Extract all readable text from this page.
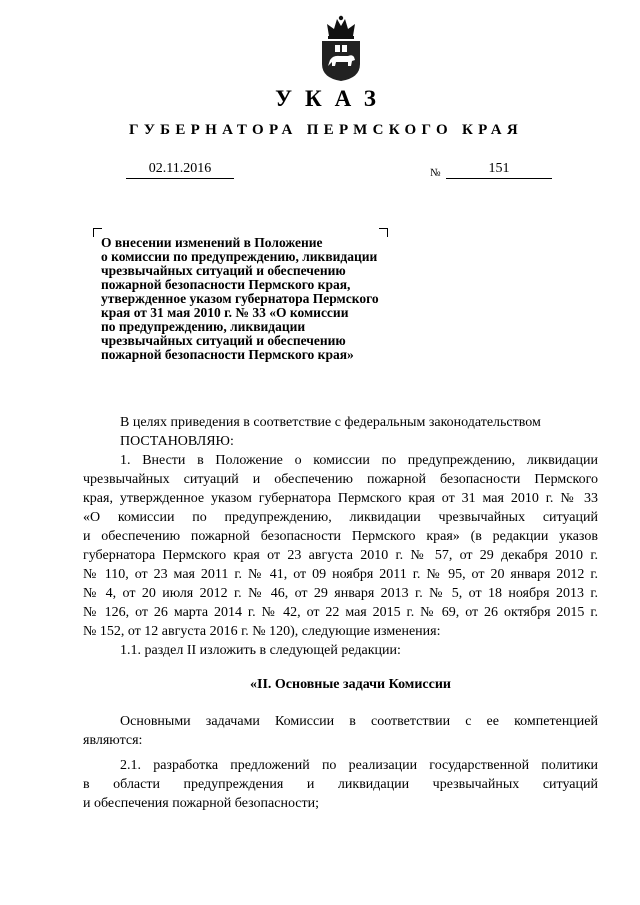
УКАЗ
ГУБЕРНАТОРА ПЕРМСКОГО КРАЯ
02.11.2016	№	151
О внесении изменений в Положение
о комиссии по предупреждению, ликвидации
чрезвычайных ситуаций и обеспечению
пожарной безопасности Пермского края,
утвержденное указом губернатора Пермского
края от 31 мая 2010 г. № 33 «О комиссии
по предупреждению, ликвидации
чрезвычайных ситуаций и обеспечению
пожарной безопасности Пермского края»
В целях приведения в соответствие с федеральным законодательством
ПОСТАНОВЛЯЮ:
1. Внести в Положение о комиссии по предупреждению, ликвидации
чрезвычайных ситуаций и обеспечению пожарной безопасности Пермского
края, утвержденное указом губернатора Пермского края от 31 мая 2010 г. № 33
«О комиссии по предупреждению, ликвидации чрезвычайных ситуаций
и обеспечению пожарной безопасности Пермского края» (в редакции указов
губернатора Пермского края от 23 августа 2010 г. № 57, от 29 декабря 2010 г.
№ 110, от 23 мая 2011 г. № 41, от 09 ноября 2011 г. № 95, от 20 января 2012 г.
№ 4, от 20 июля 2012 г. № 46, от 29 января 2013 г. № 5, от 18 ноября 2013 г.
№ 126, от 26 марта 2014 г. № 42, от 22 мая 2015 г. № 69, от 26 октября 2015 г.
№ 152, от 12 августа 2016 г. № 120), следующие изменения:
1.1. раздел II изложить в следующей редакции:
«II. Основные задачи Комиссии
Основными задачами Комиссии в соответствии с ее компетенцией
являются:
2.1. разработка предложений по реализации государственной политики
в области предупреждения и ликвидации чрезвычайных ситуаций
и обеспечения пожарной безопасности;
